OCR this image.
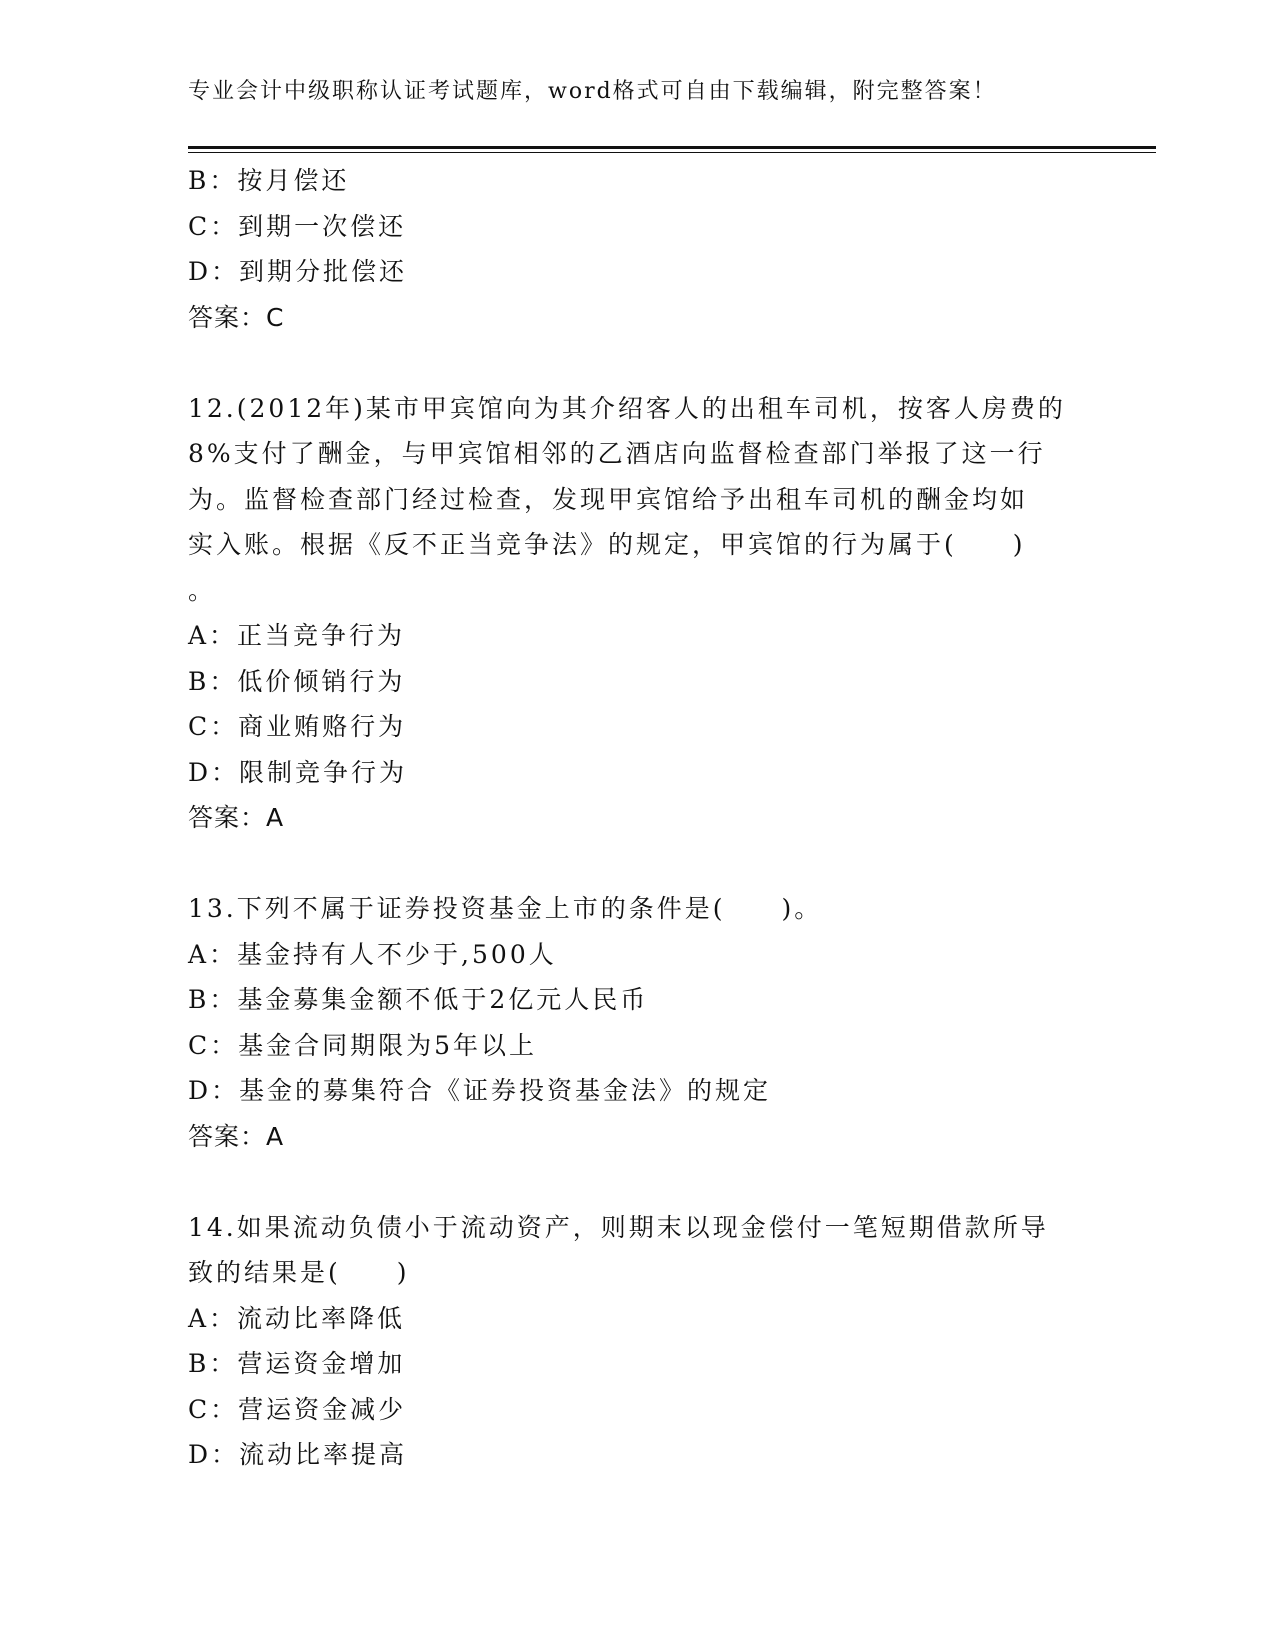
专业会计中级职称认证考试题库，word格式可自由下载编辑，附完整答案！
B：按月偿还
C：到期一次偿还
D：到期分批偿还
答案：C
12.(2012年)某市甲宾馆向为其介绍客人的出租车司机，按客人房费的
8%支付了酬金，与甲宾馆相邻的乙酒店向监督检查部门举报了这一行
为。监督检查部门经过检查，发现甲宾馆给予出租车司机的酬金均如
实入账。根据《反不正当竞争法》的规定，甲宾馆的行为属于(　　)
。
A：正当竞争行为
B：低价倾销行为
C：商业贿赂行为
D：限制竞争行为
答案：A
13.下列不属于证券投资基金上市的条件是(　　)。
A：基金持有人不少于,500人
B：基金募集金额不低于2亿元人民币
C：基金合同期限为5年以上
D：基金的募集符合《证券投资基金法》的规定
答案：A
14.如果流动负债小于流动资产，则期末以现金偿付一笔短期借款所导
致的结果是(　　)
A：流动比率降低
B：营运资金增加
C：营运资金减少
D：流动比率提高
